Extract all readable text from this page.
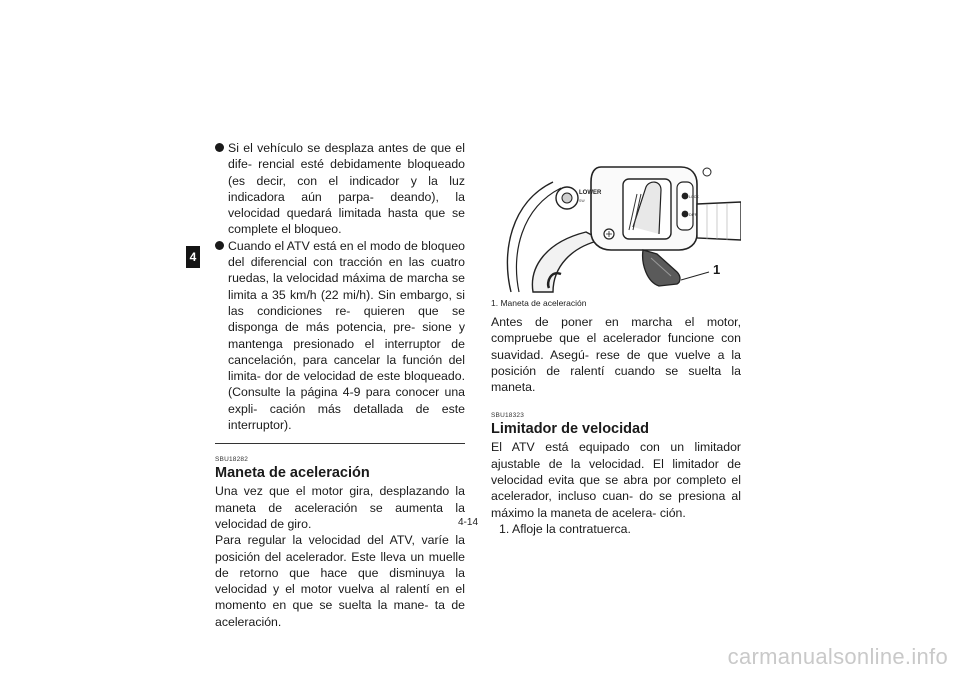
4
Si el vehículo se desplaza antes de que el dife- rencial esté debidamente bloqueado (es decir, con el indicador y la luz indicadora aún parpa- deando), la velocidad quedará limitada hasta que se complete el bloqueo.
Cuando el ATV está en el modo de bloqueo del diferencial con tracción en las cuatro ruedas, la velocidad máxima de marcha se limita a 35 km/h (22 mi/h). Sin embargo, si las condiciones re- quieren que se disponga de más potencia, pre- sione y mantenga presionado el interruptor de cancelación, para cancelar la función del limita- dor de velocidad de este bloqueado. (Consulte la página 4-9 para conocer una expli- cación más detallada de este interruptor).
SBU18282
Maneta de aceleración

Una vez que el motor gira, desplazando la maneta de aceleración se aumenta la velocidad de giro.

Para regular la velocidad del ATV, varíe la posición del acelerador. Este lleva un muelle de retorno que hace que disminuya la velocidad y el motor vuelva al ralentí en el momento en que se suelta la mane- ta de aceleración.

LOCK
DIFF
LOWER
SW
1
1. Maneta de aceleración

Antes de poner en marcha el motor, compruebe que el acelerador funcione con suavidad. Asegú- rese de que vuelve a la posición de ralentí cuando se suelta la maneta.

SBU18323
Limitador de velocidad

El ATV está equipado con un limitador ajustable de la velocidad. El limitador de velocidad evita que se abra por completo el acelerador, incluso cuan- do se presiona al máximo la maneta de acelera- ción.

1. Afloje la contratuerca.
4-14
carmanualsonline.info
